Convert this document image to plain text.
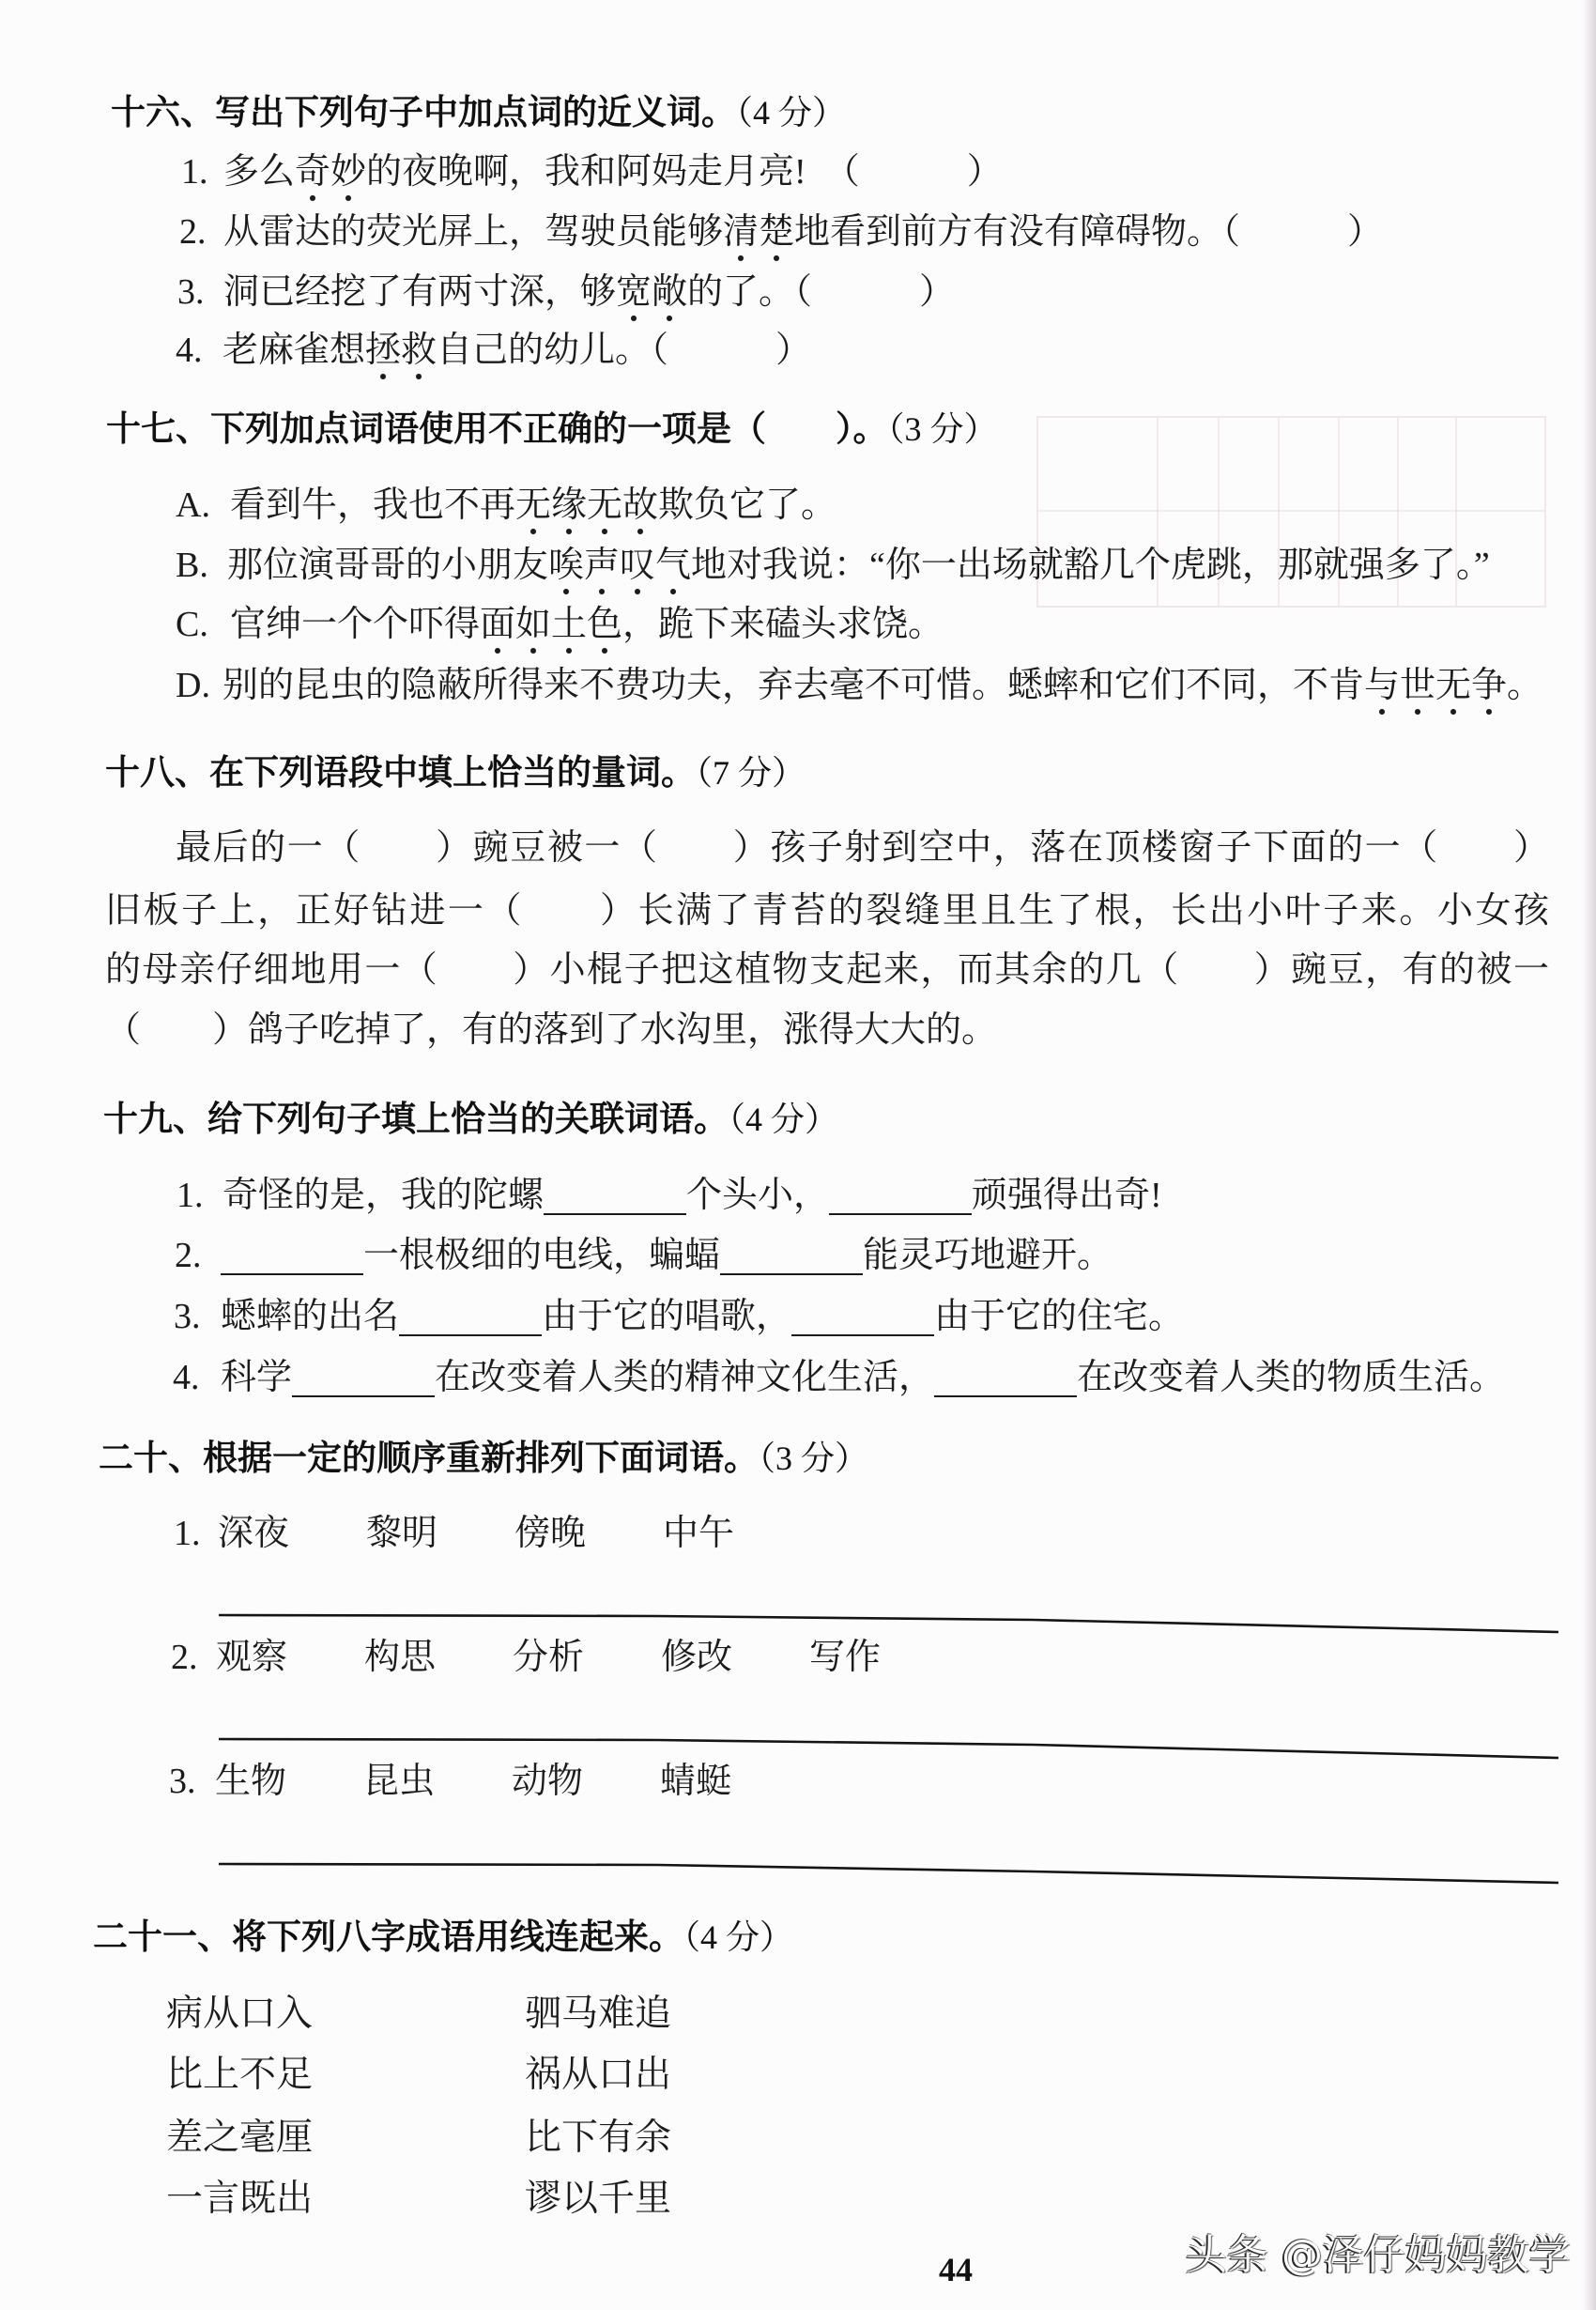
十六、写出下列句子中加点词的近义词。（4 分）
1. 多么奇妙的夜晚啊，我和阿妈走月亮!　（　　　）
2. 从雷达的荧光屏上，驾驶员能够清楚地看到前方有没有障碍物。（　　　）
3. 洞已经挖了有两寸深，够宽敞的了。（　　　）
4. 老麻雀想拯救自己的幼儿。（　　　）
十七、下列加点词语使用不正确的一项是（　　）。（3 分）
A. 看到牛，我也不再无缘无故欺负它了。
B. 那位演哥哥的小朋友唉声叹气地对我说：“你一出场就豁几个虎跳，那就强多了。”
C. 官绅一个个吓得面如土色，跪下来磕头求饶。
D. 别的昆虫的隐蔽所得来不费功夫，弃去毫不可惜。蟋蟀和它们不同，不肯与世无争。
十八、在下列语段中填上恰当的量词。（7 分）
最后的一（　　）豌豆被一（　　）孩子射到空中，落在顶楼窗子下面的一（　　）
旧板子上，正好钻进一（　　）长满了青苔的裂缝里且生了根，长出小叶子来。小女孩
的母亲仔细地用一（　　）小棍子把这植物支起来，而其余的几（　　）豌豆，有的被一
（　　）鸽子吃掉了，有的落到了水沟里，涨得大大的。
十九、给下列句子填上恰当的关联词语。（4 分）
1. 奇怪的是，我的陀螺	个头小，	顽强得出奇!
2.	一根极细的电线，蝙蝠	能灵巧地避开。
3. 蟋蟀的出名	由于它的唱歌，	由于它的住宅。
4. 科学	在改变着人类的精神文化生活，	在改变着人类的物质生活。
二十、根据一定的顺序重新排列下面词语。（3 分）
1. 深夜 黎明 傍晚 中午
2. 观察 构思 分析 修改 写作
3. 生物 昆虫 动物 蜻蜓
二十一、将下列八字成语用线连起来。（4 分）
病从口入
比上不足
差之毫厘
一言既出
驷马难追
祸从口出
比下有余
谬以千里
44	头条 @泽仔妈妈教学
